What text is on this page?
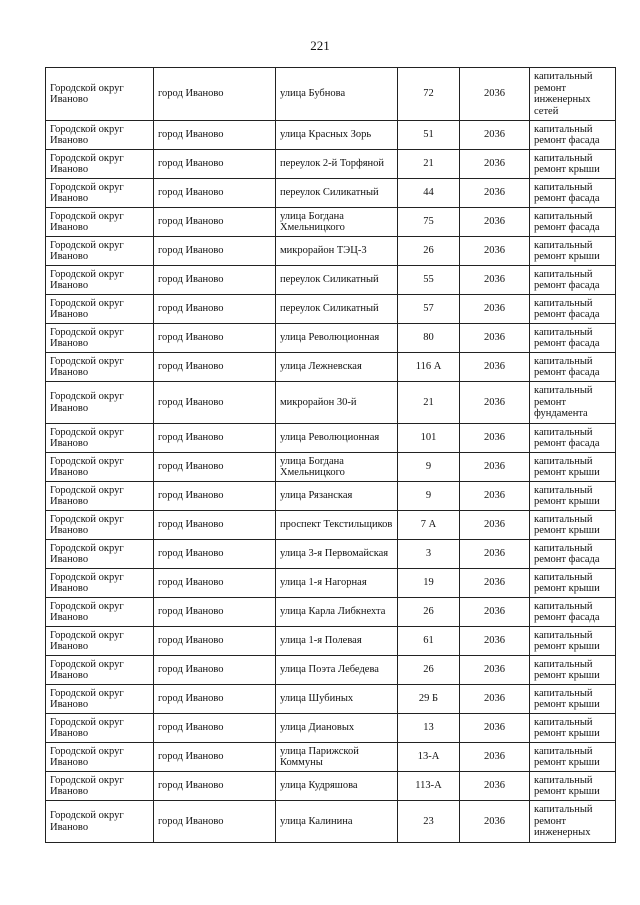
221
Городской округ Иваново	город Иваново	улица Бубнова	72	2036	капитальный ремонт инженерных сетей
Городской округ Иваново	город Иваново	улица Красных Зорь	51	2036	капитальный ремонт фасада
Городской округ Иваново	город Иваново	переулок 2-й Торфяной	21	2036	капитальный ремонт крыши
Городской округ Иваново	город Иваново	переулок Силикатный	44	2036	капитальный ремонт фасада
Городской округ Иваново	город Иваново	улица Богдана Хмельницкого	75	2036	капитальный ремонт фасада
Городской округ Иваново	город Иваново	микрорайон ТЭЦ-3	26	2036	капитальный ремонт крыши
Городской округ Иваново	город Иваново	переулок Силикатный	55	2036	капитальный ремонт фасада
Городской округ Иваново	город Иваново	переулок Силикатный	57	2036	капитальный ремонт фасада
Городской округ Иваново	город Иваново	улица Революционная	80	2036	капитальный ремонт фасада
Городской округ Иваново	город Иваново	улица Лежневская	116 А	2036	капитальный ремонт фасада
Городской округ Иваново	город Иваново	микрорайон 30-й	21	2036	капитальный ремонт фундамента
Городской округ Иваново	город Иваново	улица Революционная	101	2036	капитальный ремонт фасада
Городской округ Иваново	город Иваново	улица Богдана Хмельницкого	9	2036	капитальный ремонт крыши
Городской округ Иваново	город Иваново	улица Рязанская	9	2036	капитальный ремонт крыши
Городской округ Иваново	город Иваново	проспект Текстильщиков	7 А	2036	капитальный ремонт крыши
Городской округ Иваново	город Иваново	улица 3-я Первомайская	3	2036	капитальный ремонт фасада
Городской округ Иваново	город Иваново	улица 1-я Нагорная	19	2036	капитальный ремонт крыши
Городской округ Иваново	город Иваново	улица Карла Либкнехта	26	2036	капитальный ремонт фасада
Городской округ Иваново	город Иваново	улица 1-я Полевая	61	2036	капитальный ремонт крыши
Городской округ Иваново	город Иваново	улица Поэта Лебедева	26	2036	капитальный ремонт крыши
Городской округ Иваново	город Иваново	улица Шубиных	29 Б	2036	капитальный ремонт крыши
Городской округ Иваново	город Иваново	улица Диановых	13	2036	капитальный ремонт крыши
Городской округ Иваново	город Иваново	улица Парижской Коммуны	13-А	2036	капитальный ремонт крыши
Городской округ Иваново	город Иваново	улица Кудряшова	113-А	2036	капитальный ремонт крыши
Городской округ Иваново	город Иваново	улица Калинина	23	2036	капитальный ремонт инженерных
